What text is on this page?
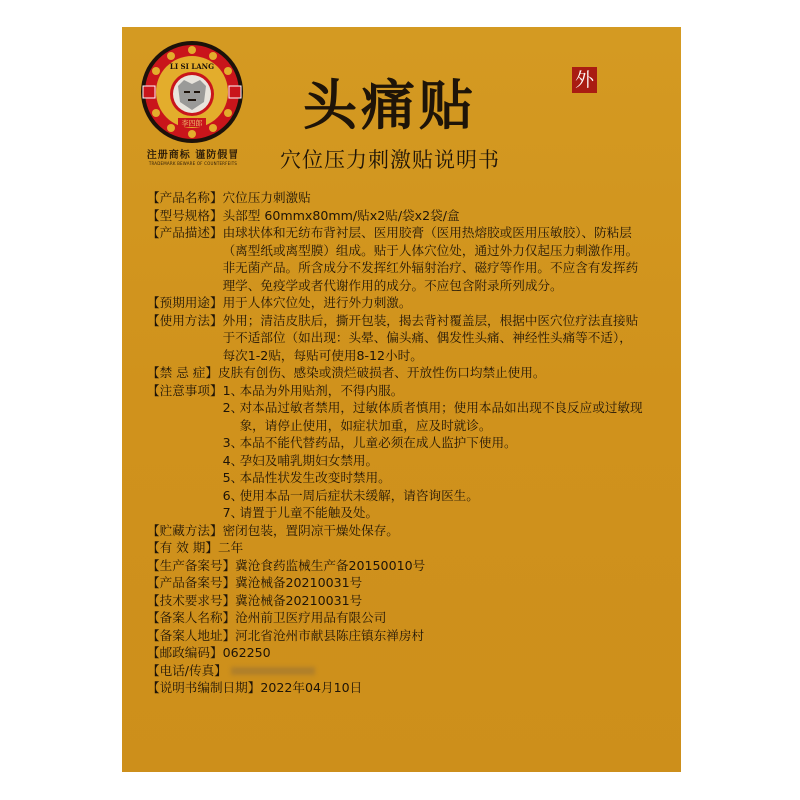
LI SI LANG
李四郎
注册商标 谨防假冒
TRADEMARK BEWARE OF COUNTERFEITS
头痛贴
穴位压力刺激贴说明书
外
【产品名称】 穴位压力刺激贴
【型号规格】 头部型 60mmx80mm/贴x2贴/袋x2袋/盒
【产品描述】 由球状体和无纺布背衬层、医用胶膏（医用热熔胶或医用压敏胶）、防粘层
（离型纸或离型膜）组成。贴于人体穴位处，通过外力仅起压力刺激作用。
非无菌产品。所含成分不发挥红外辐射治疗、磁疗等作用。不应含有发挥药
理学、免疫学或者代谢作用的成分。不应包含附录所列成分。
【预期用途】 用于人体穴位处，进行外力刺激。
【使用方法】 外用；清洁皮肤后，撕开包装，揭去背衬覆盖层，根据中医穴位疗法直接贴
于不适部位（如出现：头晕、偏头痛、偶发性头痛、神经性头痛等不适），
每次1-2贴，每贴可使用8-12小时。
【禁 忌 症】 皮肤有创伤、感染或溃烂破损者、开放性伤口均禁止使用。
【注意事项】 1、
本品为外用贴剂，不得内服。
2、
对本品过敏者禁用，过敏体质者慎用；使用本品如出现不良反应或过敏现
象，请停止使用，如症状加重，应及时就诊。
3、
本品不能代替药品，儿童必须在成人监护下使用。
4、
孕妇及哺乳期妇女禁用。
5、
本品性状发生改变时禁用。
6、
使用本品一周后症状未缓解，请咨询医生。
7、
请置于儿童不能触及处。
【贮藏方法】 密闭包装，置阴凉干燥处保存。
【有 效 期】 二年
【生产备案号】 冀沧食药监械生产备20150010号
【产品备案号】 冀沧械备20210031号
【技术要求号】 冀沧械备20210031号
【备案人名称】 沧州前卫医疗用品有限公司
【备案人地址】 河北省沧州市献县陈庄镇东禅房村
【邮政编码】 062250
【电话/传真】
【说明书编制日期】 2022年04月10日
